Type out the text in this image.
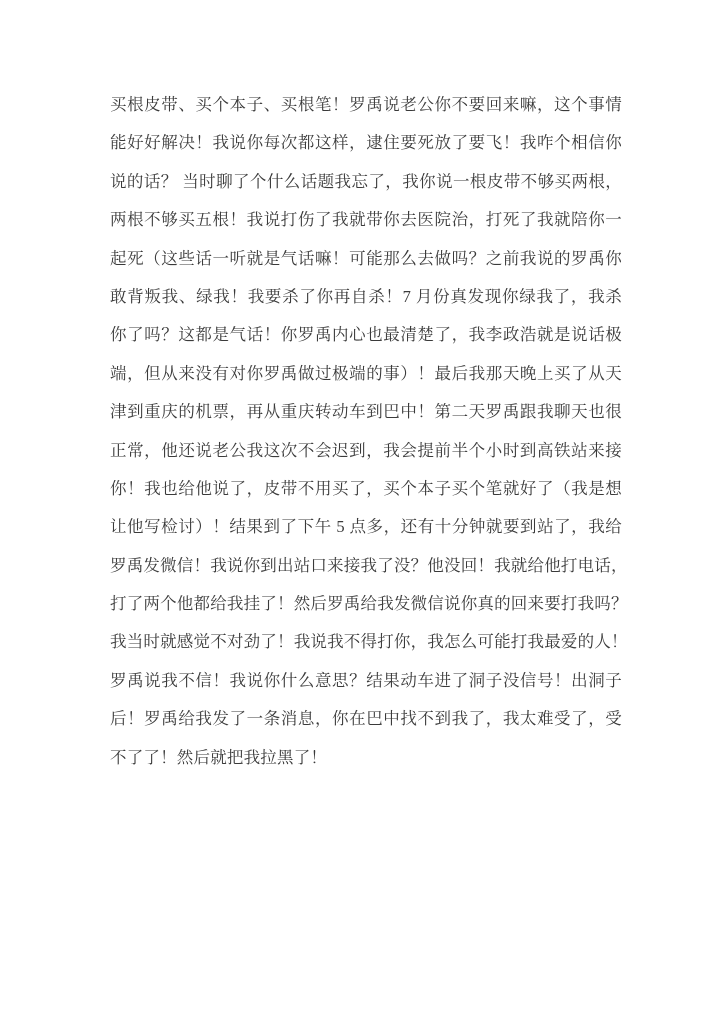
买根皮带、买个本子、买根笔！罗禹说老公你不要回来嘛，这个事情
能好好解决！我说你每次都这样，逮住要死放了要飞！我咋个相信你
说的话？ 当时聊了个什么话题我忘了，我你说一根皮带不够买两根，
两根不够买五根！我说打伤了我就带你去医院治，打死了我就陪你一
起死（这些话一听就是气话嘛！可能那么去做吗？之前我说的罗禹你
敢背叛我、绿我！我要杀了你再自杀！7 月份真发现你绿我了，我杀
你了吗？这都是气话！你罗禹内心也最清楚了，我李政浩就是说话极
端，但从来没有对你罗禹做过极端的事）！最后我那天晚上买了从天
津到重庆的机票，再从重庆转动车到巴中！第二天罗禹跟我聊天也很
正常，他还说老公我这次不会迟到，我会提前半个小时到高铁站来接
你！我也给他说了，皮带不用买了，买个本子买个笔就好了（我是想
让他写检讨）！结果到了下午 5 点多，还有十分钟就要到站了，我给
罗禹发微信！我说你到出站口来接我了没？他没回！我就给他打电话，
打了两个他都给我挂了！然后罗禹给我发微信说你真的回来要打我吗？
我当时就感觉不对劲了！我说我不得打你，我怎么可能打我最爱的人！
罗禹说我不信！我说你什么意思？结果动车进了洞子没信号！出洞子
后！罗禹给我发了一条消息，你在巴中找不到我了，我太难受了，受
不了了！然后就把我拉黑了！
